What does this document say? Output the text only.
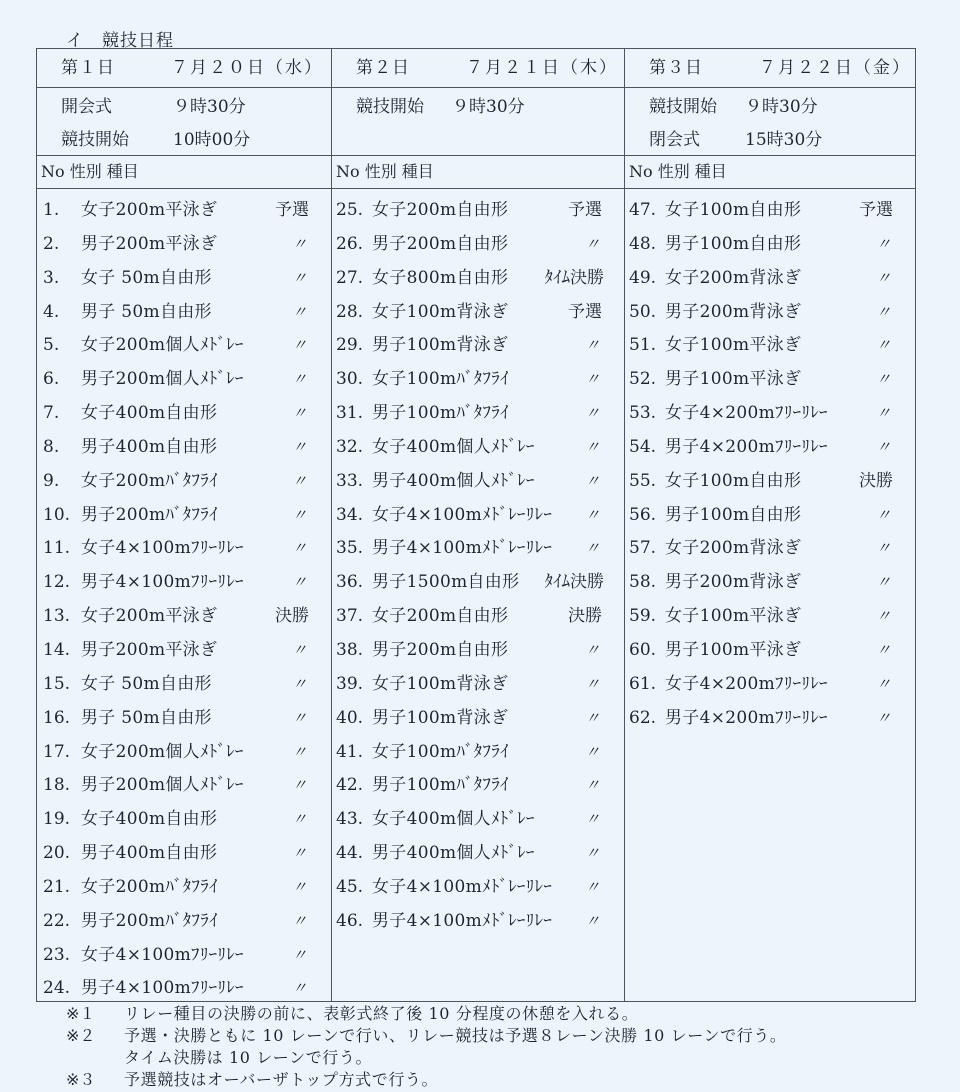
イ 競技日程
第１日	７月２０日（水）
開会式	９時30分
競技開始	10時00分
No 性別 種目
1. 女子200m平泳ぎ	予選
2. 男子200m平泳ぎ	〃
3. 女子 50m自由形	〃
4. 男子 50m自由形	〃
5. 女子200m個人ﾒﾄﾞﾚｰ	〃
6. 男子200m個人ﾒﾄﾞﾚｰ	〃
7. 女子400m自由形	〃
8. 男子400m自由形	〃
9. 女子200mﾊﾞﾀﾌﾗｲ	〃
10. 男子200mﾊﾞﾀﾌﾗｲ	〃
11. 女子4×100mﾌﾘｰﾘﾚｰ	〃
12. 男子4×100mﾌﾘｰﾘﾚｰ	〃
13. 女子200m平泳ぎ	決勝
14. 男子200m平泳ぎ	〃
15. 女子 50m自由形	〃
16. 男子 50m自由形	〃
17. 女子200m個人ﾒﾄﾞﾚｰ	〃
18. 男子200m個人ﾒﾄﾞﾚｰ	〃
19. 女子400m自由形	〃
20. 男子400m自由形	〃
21. 女子200mﾊﾞﾀﾌﾗｲ	〃
22. 男子200mﾊﾞﾀﾌﾗｲ	〃
23. 女子4×100mﾌﾘｰﾘﾚｰ	〃
24. 男子4×100mﾌﾘｰﾘﾚｰ	〃
第２日	７月２１日（木）
競技開始 ９時30分
No 性別 種目
25. 女子200m自由形	予選
26. 男子200m自由形	〃
27. 女子800m自由形 ﾀｲﾑ決勝
28. 女子100m背泳ぎ	予選
29. 男子100m背泳ぎ	〃
30. 女子100mﾊﾞﾀﾌﾗｲ	〃
31. 男子100mﾊﾞﾀﾌﾗｲ	〃
32. 女子400m個人ﾒﾄﾞﾚｰ	〃
33. 男子400m個人ﾒﾄﾞﾚｰ	〃
34. 女子4×100mﾒﾄﾞﾚｰﾘﾚｰ 〃
35. 男子4×100mﾒﾄﾞﾚｰﾘﾚｰ 〃
36. 男子1500m自由形 ﾀｲﾑ決勝
37. 女子200m自由形	決勝
38. 男子200m自由形	〃
39. 女子100m背泳ぎ	〃
40. 男子100m背泳ぎ	〃
41. 女子100mﾊﾞﾀﾌﾗｲ	〃
42. 男子100mﾊﾞﾀﾌﾗｲ	〃
43. 女子400m個人ﾒﾄﾞﾚｰ	〃
44. 男子400m個人ﾒﾄﾞﾚｰ	〃
45. 女子4×100mﾒﾄﾞﾚｰﾘﾚｰ 〃
46. 男子4×100mﾒﾄﾞﾚｰﾘﾚｰ 〃
第３日	７月２２日（金）
競技開始 ９時30分
閉会式	15時30分
No 性別 種目
47. 女子100m自由形	予選
48. 男子100m自由形	〃
49. 女子200m背泳ぎ	〃
50. 男子200m背泳ぎ	〃
51. 女子100m平泳ぎ	〃
52. 男子100m平泳ぎ	〃
53. 女子4×200mﾌﾘｰﾘﾚｰ	〃
54. 男子4×200mﾌﾘｰﾘﾚｰ	〃
55. 女子100m自由形	決勝
56. 男子100m自由形	〃
57. 女子200m背泳ぎ	〃
58. 男子200m背泳ぎ	〃
59. 女子100m平泳ぎ	〃
60. 男子100m平泳ぎ	〃
61. 女子4×200mﾌﾘｰﾘﾚｰ	〃
62. 男子4×200mﾌﾘｰﾘﾚｰ	〃
※１ リレー種目の決勝の前に、表彰式終了後 10 分程度の休憩を入れる。
※２ 予選・決勝ともに 10 レーンで行い、リレー競技は予選８レーン決勝 10 レーンで行う。
タイム決勝は 10 レーンで行う。
※３ 予選競技はオーバーザトップ方式で行う。
